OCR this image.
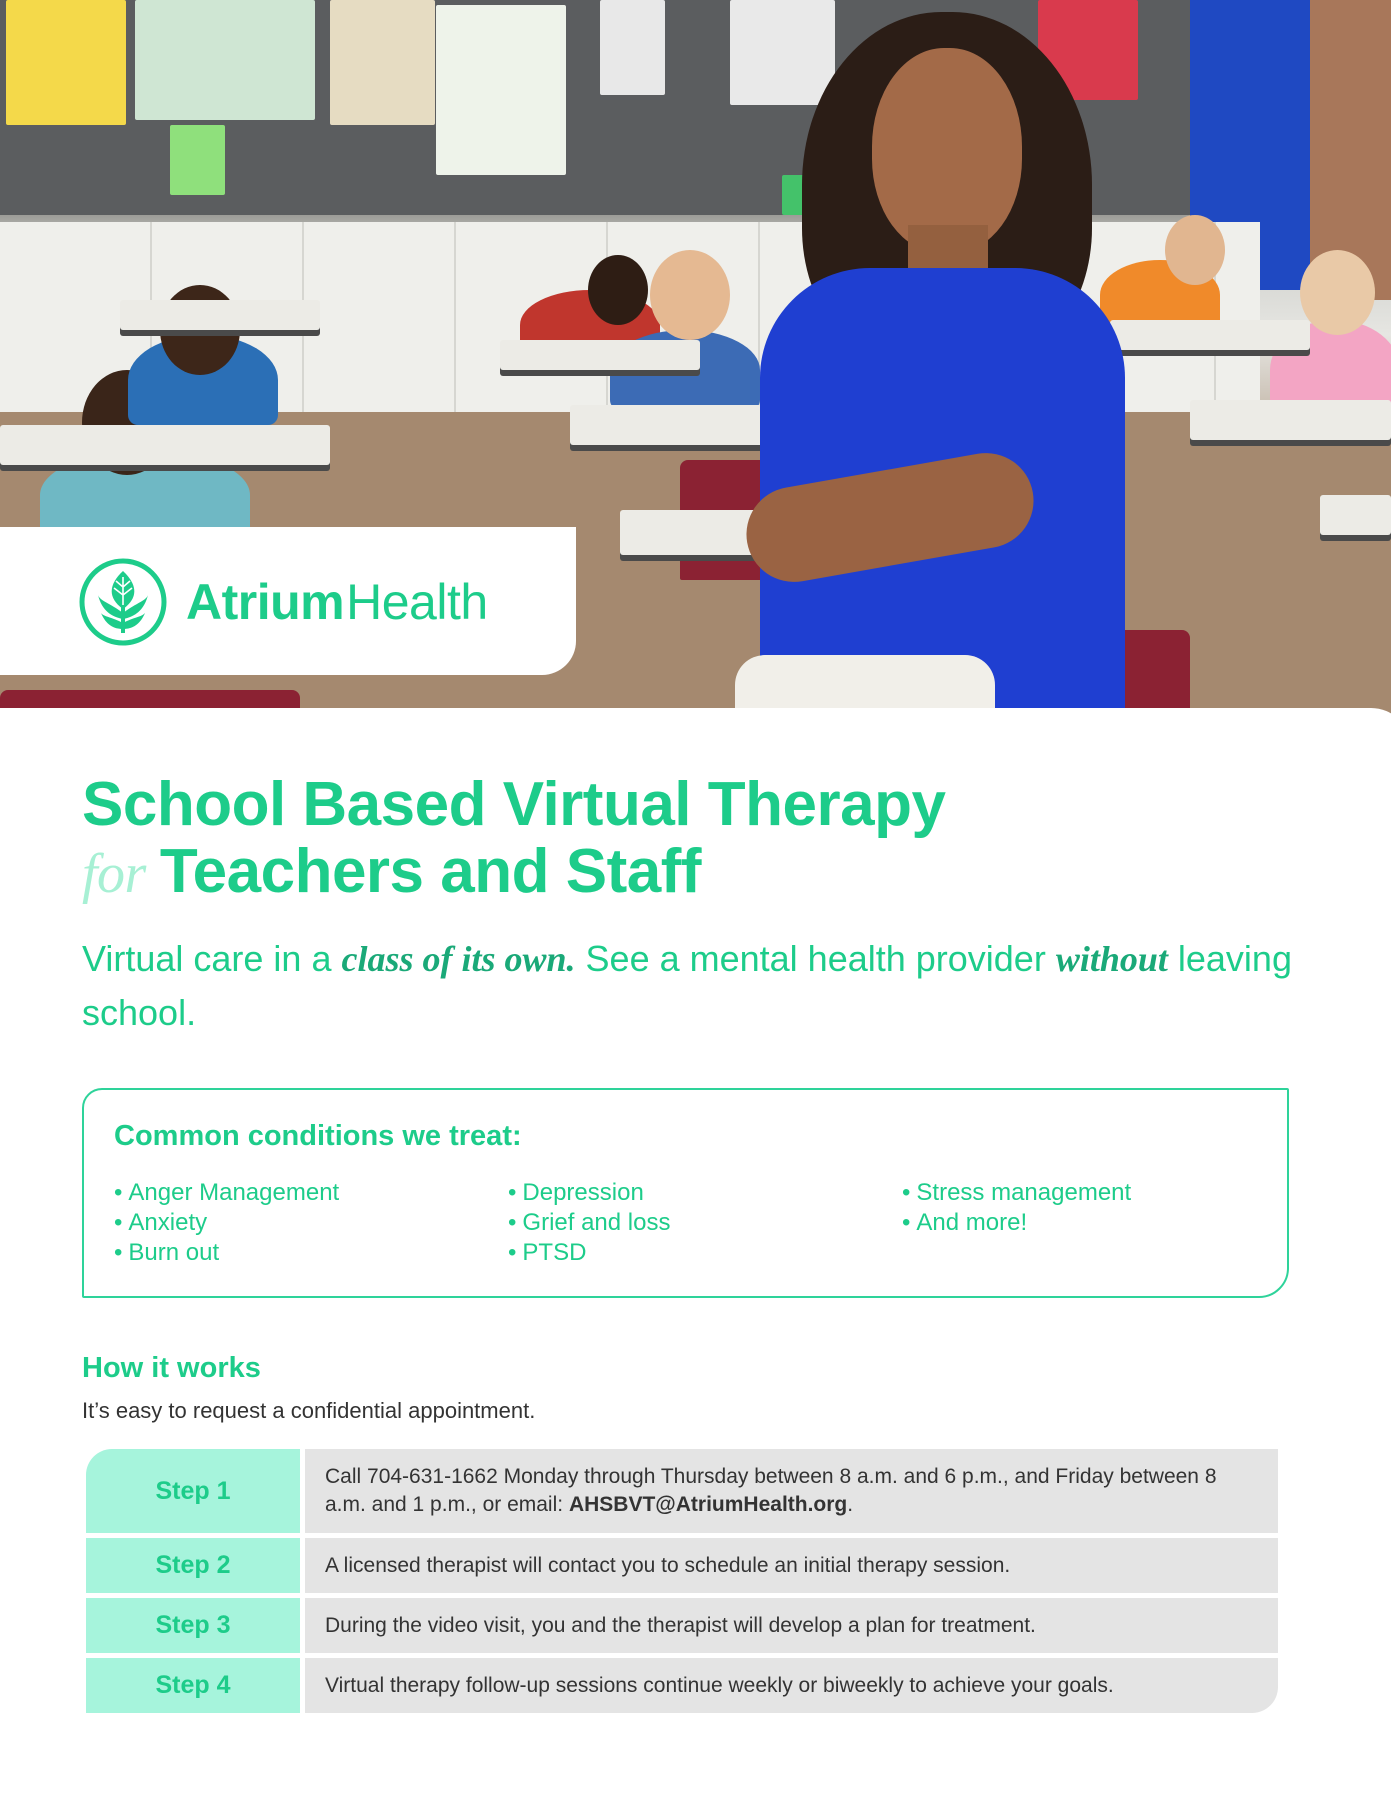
AtriumHealth
School Based Virtual Therapy
for Teachers and Staff
Virtual care in a class of its own. See a mental health provider without leaving school.
Common conditions we treat:
• Anger Management
• Anxiety
• Burn out
• Depression
• Grief and loss
• PTSD
• Stress management
• And more!
How it works
It’s easy to request a confidential appointment.
Step 1	Call 704-631-1662 Monday through Thursday between 8 a.m. and 6 p.m., and Friday between 8 a.m. and 1 p.m., or email: AHSBVT@AtriumHealth.org.
Step 2	A licensed therapist will contact you to schedule an initial therapy session.
Step 3	During the video visit, you and the therapist will develop a plan for treatment.
Step 4	Virtual therapy follow-up sessions continue weekly or biweekly to achieve your goals.
